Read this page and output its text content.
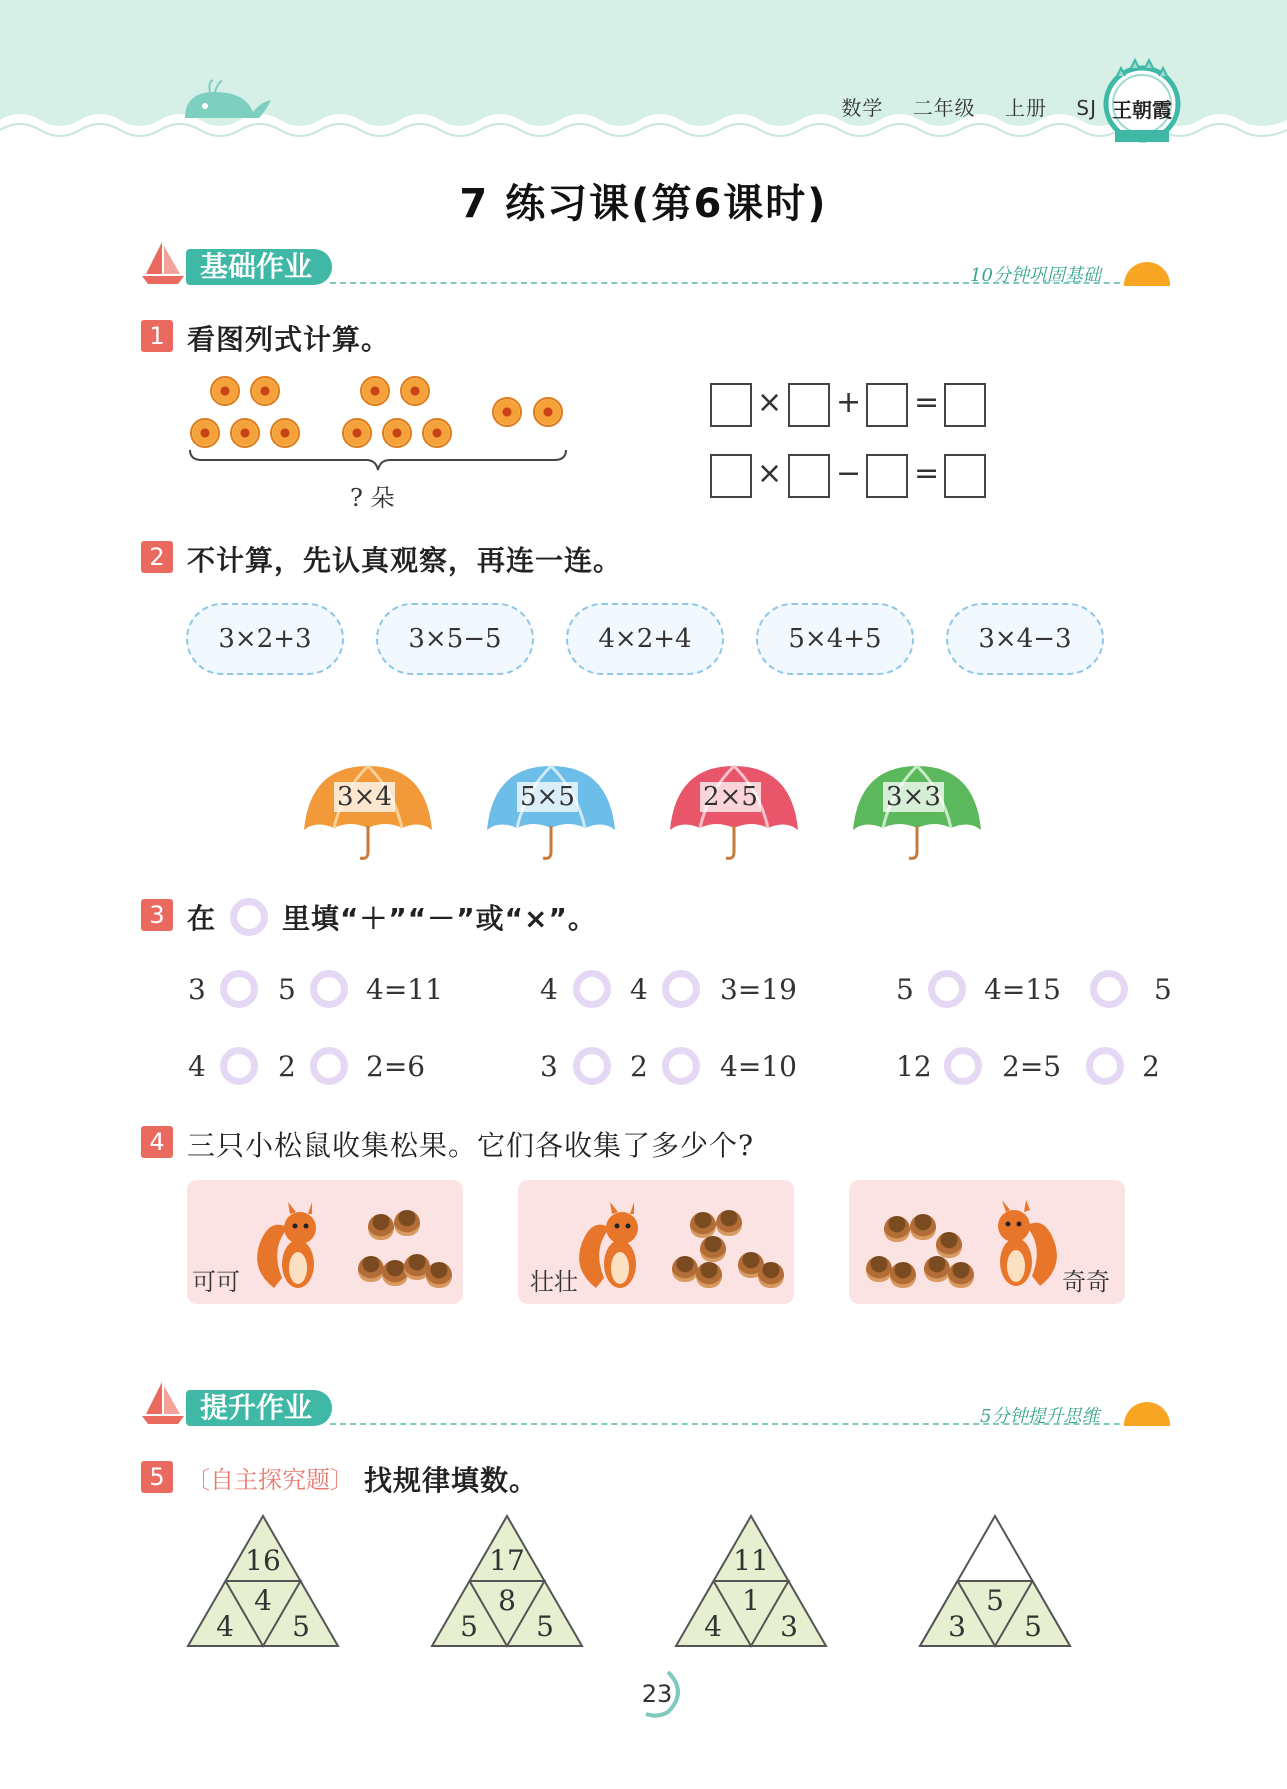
数学 二年级 上册 SJ 王朝霞
7 练习课(第6课时)
基础作业	10分钟巩固基础
1 看图列式计算。
? 朵
× + =
× − =
2 不计算，先认真观察，再连一连。
3×2+3	3×5−5	4×2+4	5×4+5	3×4−3
3×4	5×5	2×5	3×3
3 在 里填“＋”“－”或“×”。
3	5	4=11	4	4	3=19	5	4=15	5
4	2	2=6	3	2	4=10	12	2=5	2
4 三只小松鼠收集松果。它们各收集了多少个?
可可	壮壮	奇奇
提升作业	5分钟提升思维
5 〔自主探究题〕 找规律填数。
16
4
4	5
17
8
5	5
11
1
4	3
5
3	5
23
